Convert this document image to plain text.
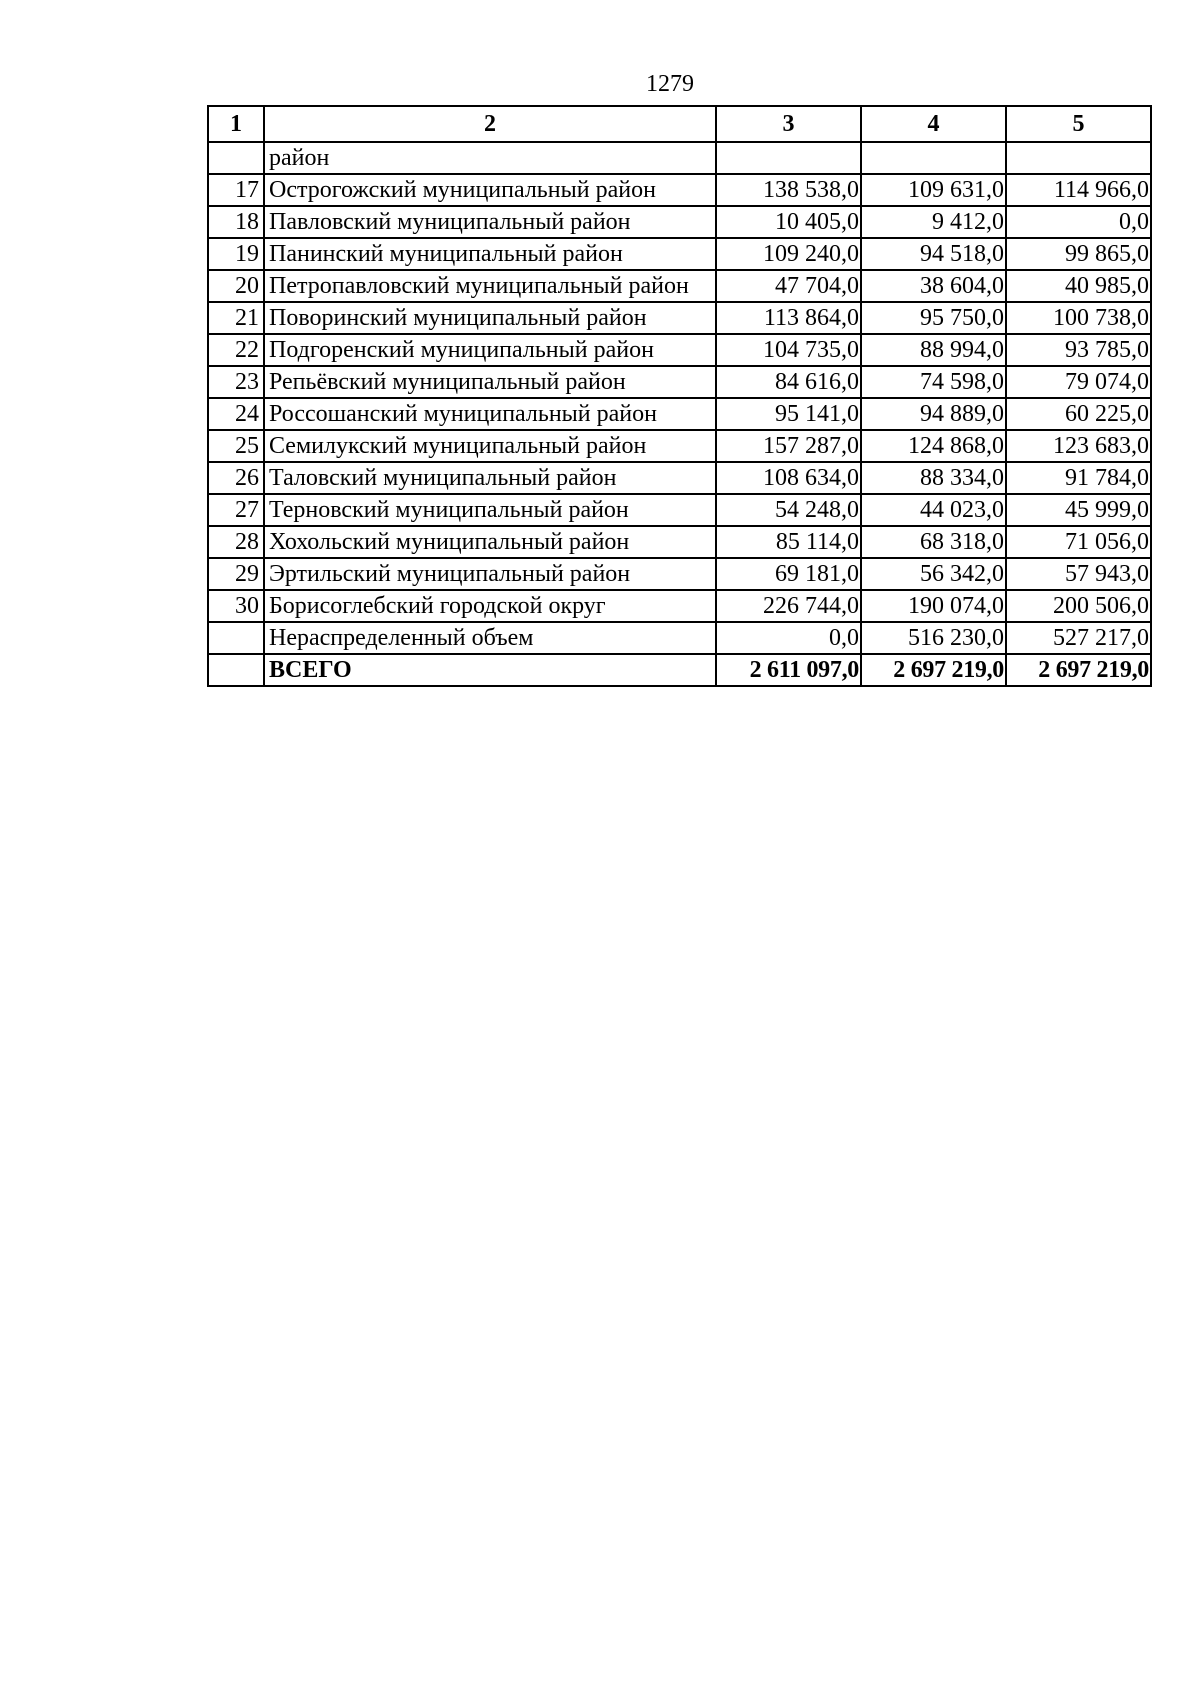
1279
1	2	3	4	5
	район			
17	Острогожский муниципальный район	138 538,0	109 631,0	114 966,0
18	Павловский муниципальный район	10 405,0	9 412,0	0,0
19	Панинский муниципальный район	109 240,0	94 518,0	99 865,0
20	Петропавловский муниципальный район	47 704,0	38 604,0	40 985,0
21	Поворинский муниципальный район	113 864,0	95 750,0	100 738,0
22	Подгоренский муниципальный район	104 735,0	88 994,0	93 785,0
23	Репьёвский муниципальный район	84 616,0	74 598,0	79 074,0
24	Россошанский муниципальный район	95 141,0	94 889,0	60 225,0
25	Семилукский муниципальный район	157 287,0	124 868,0	123 683,0
26	Таловский муниципальный район	108 634,0	88 334,0	91 784,0
27	Терновский муниципальный район	54 248,0	44 023,0	45 999,0
28	Хохольский муниципальный район	85 114,0	68 318,0	71 056,0
29	Эртильский муниципальный район	69 181,0	56 342,0	57 943,0
30	Борисоглебский городской округ	226 744,0	190 074,0	200 506,0
	Нераспределенный объем	0,0	516 230,0	527 217,0
	ВСЕГО	2 611 097,0	2 697 219,0	2 697 219,0
